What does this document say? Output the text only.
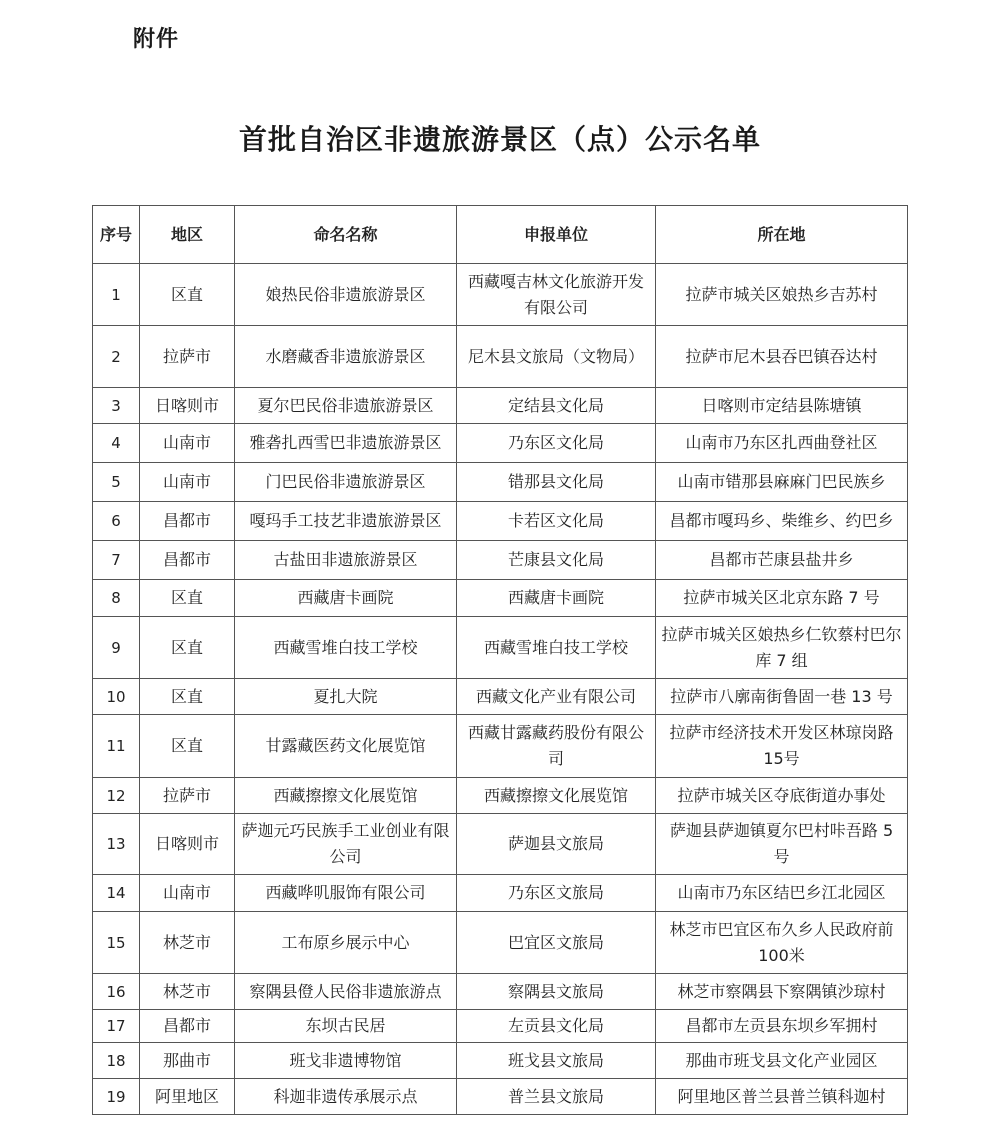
附件
首批自治区非遗旅游景区（点）公示名单
序号	地区	命名名称	申报单位	所在地
1	区直	娘热民俗非遗旅游景区	西藏嘎吉林文化旅游开发有限公司	拉萨市城关区娘热乡吉苏村
2	拉萨市	水磨藏香非遗旅游景区	尼木县文旅局（文物局）	拉萨市尼木县吞巴镇吞达村
3	日喀则市	夏尔巴民俗非遗旅游景区	定结县文化局	日喀则市定结县陈塘镇
4	山南市	雅砻扎西雪巴非遗旅游景区	乃东区文化局	山南市乃东区扎西曲登社区
5	山南市	门巴民俗非遗旅游景区	错那县文化局	山南市错那县麻麻门巴民族乡
6	昌都市	嘎玛手工技艺非遗旅游景区	卡若区文化局	昌都市嘎玛乡、柴维乡、约巴乡
7	昌都市	古盐田非遗旅游景区	芒康县文化局	昌都市芒康县盐井乡
8	区直	西藏唐卡画院	西藏唐卡画院	拉萨市城关区北京东路 7 号
9	区直	西藏雪堆白技工学校	西藏雪堆白技工学校	拉萨市城关区娘热乡仁钦蔡村巴尔库 7 组
10	区直	夏扎大院	西藏文化产业有限公司	拉萨市八廓南街鲁固一巷 13 号
11	区直	甘露藏医药文化展览馆	西藏甘露藏药股份有限公司	拉萨市经济技术开发区林琼岗路15号
12	拉萨市	西藏擦擦文化展览馆	西藏擦擦文化展览馆	拉萨市城关区夺底街道办事处
13	日喀则市	萨迦元巧民族手工业创业有限公司	萨迦县文旅局	萨迦县萨迦镇夏尔巴村咔吾路 5 号
14	山南市	西藏哗叽服饰有限公司	乃东区文旅局	山南市乃东区结巴乡江北园区
15	林芝市	工布原乡展示中心	巴宜区文旅局	林芝市巴宜区布久乡人民政府前100米
16	林芝市	察隅县僜人民俗非遗旅游点	察隅县文旅局	林芝市察隅县下察隅镇沙琼村
17	昌都市	东坝古民居	左贡县文化局	昌都市左贡县东坝乡军拥村
18	那曲市	班戈非遗博物馆	班戈县文旅局	那曲市班戈县文化产业园区
19	阿里地区	科迦非遗传承展示点	普兰县文旅局	阿里地区普兰县普兰镇科迦村
